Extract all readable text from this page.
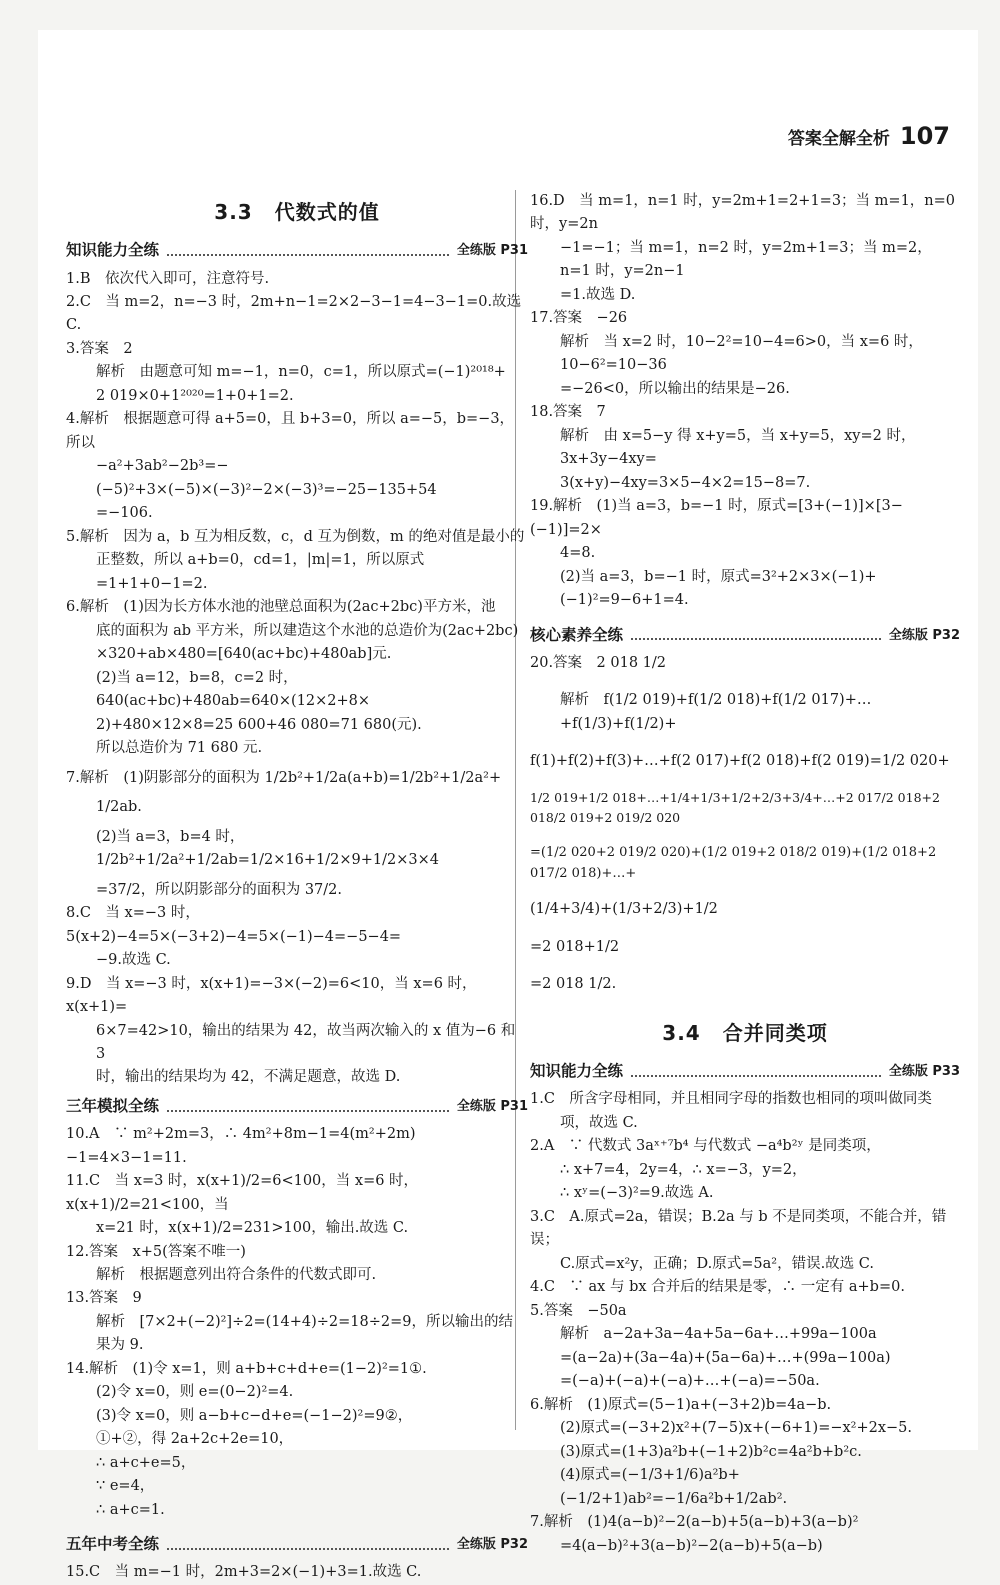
答案全解全析 107
3.3 代数式的值
知识能力全练	全练版 P31

1.B　依次代入即可，注意符号.

2.C　当 m=2，n=−3 时，2m+n−1=2×2−3−1=4−3−1=0.故选 C.

3.答案　2

解析　由题意可知 m=−1，n=0，c=1，所以原式=(−1)²⁰¹⁸+

2 019×0+1²⁰²⁰=1+0+1=2.

4.解析　根据题意可得 a+5=0，且 b+3=0，所以 a=−5，b=−3，所以

−a²+3ab²−2b³=−(−5)²+3×(−5)×(−3)²−2×(−3)³=−25−135+54

=−106.

5.解析　因为 a，b 互为相反数，c，d 互为倒数，m 的绝对值是最小的

正整数，所以 a+b=0，cd=1，|m|=1，所以原式=1+1+0−1=2.

6.解析　(1)因为长方体水池的池壁总面积为(2ac+2bc)平方米，池

底的面积为 ab 平方米，所以建造这个水池的总造价为(2ac+2bc)

×320+ab×480=[640(ac+bc)+480ab]元.

(2)当 a=12，b=8，c=2 时，640(ac+bc)+480ab=640×(12×2+8×

2)+480×12×8=25 600+46 080=71 680(元).

所以总造价为 71 680 元.

7.解析　(1)阴影部分的面积为 1/2b²+1/2a(a+b)=1/2b²+1/2a²+

1/2ab.

(2)当 a=3，b=4 时，1/2b²+1/2a²+1/2ab=1/2×16+1/2×9+1/2×3×4

=37/2，所以阴影部分的面积为 37/2.

8.C　当 x=−3 时，5(x+2)−4=5×(−3+2)−4=5×(−1)−4=−5−4=

−9.故选 C.

9.D　当 x=−3 时，x(x+1)=−3×(−2)=6<10，当 x=6 时，x(x+1)=

6×7=42>10，输出的结果为 42，故当两次输入的 x 值为−6 和 3

时，输出的结果均为 42，不满足题意，故选 D.

三年模拟全练	全练版 P31

10.A　∵ m²+2m=3，∴ 4m²+8m−1=4(m²+2m)−1=4×3−1=11.

11.C　当 x=3 时，x(x+1)/2=6<100，当 x=6 时，x(x+1)/2=21<100，当

x=21 时，x(x+1)/2=231>100，输出.故选 C.

12.答案　x+5(答案不唯一)

解析　根据题意列出符合条件的代数式即可.

13.答案　9

解析　[7×2+(−2)²]÷2=(14+4)÷2=18÷2=9，所以输出的结

果为 9.

14.解析　(1)令 x=1，则 a+b+c+d+e=(1−2)²=1①.

(2)令 x=0，则 e=(0−2)²=4.

(3)令 x=0，则 a−b+c−d+e=(−1−2)²=9②，

①+②，得 2a+2c+2e=10，

∴ a+c+e=5，

∵ e=4，

∴ a+c=1.

五年中考全练	全练版 P32

15.C　当 m=−1 时，2m+3=2×(−1)+3=1.故选 C.

16.D　当 m=1，n=1 时，y=2m+1=2+1=3；当 m=1，n=0 时，y=2n

−1=−1；当 m=1，n=2 时，y=2m+1=3；当 m=2，n=1 时，y=2n−1

=1.故选 D.

17.答案　−26

解析　当 x=2 时，10−2²=10−4=6>0，当 x=6 时，10−6²=10−36

=−26<0，所以输出的结果是−26.

18.答案　7

解析　由 x=5−y 得 x+y=5，当 x+y=5，xy=2 时，3x+3y−4xy=

3(x+y)−4xy=3×5−4×2=15−8=7.

19.解析　(1)当 a=3，b=−1 时，原式=[3+(−1)]×[3−(−1)]=2×

4=8.

(2)当 a=3，b=−1 时，原式=3²+2×3×(−1)+(−1)²=9−6+1=4.

核心素养全练	全练版 P32

20.答案　2 018 1/2

解析　f(1/2 019)+f(1/2 018)+f(1/2 017)+…+f(1/3)+f(1/2)+

f(1)+f(2)+f(3)+…+f(2 017)+f(2 018)+f(2 019)=1/2 020+

1/2 019+1/2 018+…+1/4+1/3+1/2+2/3+3/4+…+2 017/2 018+2 018/2 019+2 019/2 020

=(1/2 020+2 019/2 020)+(1/2 019+2 018/2 019)+(1/2 018+2 017/2 018)+…+

(1/4+3/4)+(1/3+2/3)+1/2

=2 018+1/2

=2 018 1/2.

3.4 合并同类项
知识能力全练	全练版 P33

1.C　所含字母相同，并且相同字母的指数也相同的项叫做同类

项，故选 C.

2.A　∵ 代数式 3aˣ⁺⁷b⁴ 与代数式 −a⁴b²ʸ 是同类项，

∴ x+7=4，2y=4，∴ x=−3，y=2，

∴ xʸ=(−3)²=9.故选 A.

3.C　A.原式=2a，错误；B.2a 与 b 不是同类项，不能合并，错误；

C.原式=x²y，正确；D.原式=5a²，错误.故选 C.

4.C　∵ ax 与 bx 合并后的结果是零，∴ 一定有 a+b=0.

5.答案　−50a

解析　a−2a+3a−4a+5a−6a+…+99a−100a

=(a−2a)+(3a−4a)+(5a−6a)+…+(99a−100a)

=(−a)+(−a)+(−a)+…+(−a)=−50a.

6.解析　(1)原式=(5−1)a+(−3+2)b=4a−b.

(2)原式=(−3+2)x²+(7−5)x+(−6+1)=−x²+2x−5.

(3)原式=(1+3)a²b+(−1+2)b²c=4a²b+b²c.

(4)原式=(−1/3+1/6)a²b+(−1/2+1)ab²=−1/6a²b+1/2ab².

7.解析　(1)4(a−b)²−2(a−b)+5(a−b)+3(a−b)²

=4(a−b)²+3(a−b)²−2(a−b)+5(a−b)
